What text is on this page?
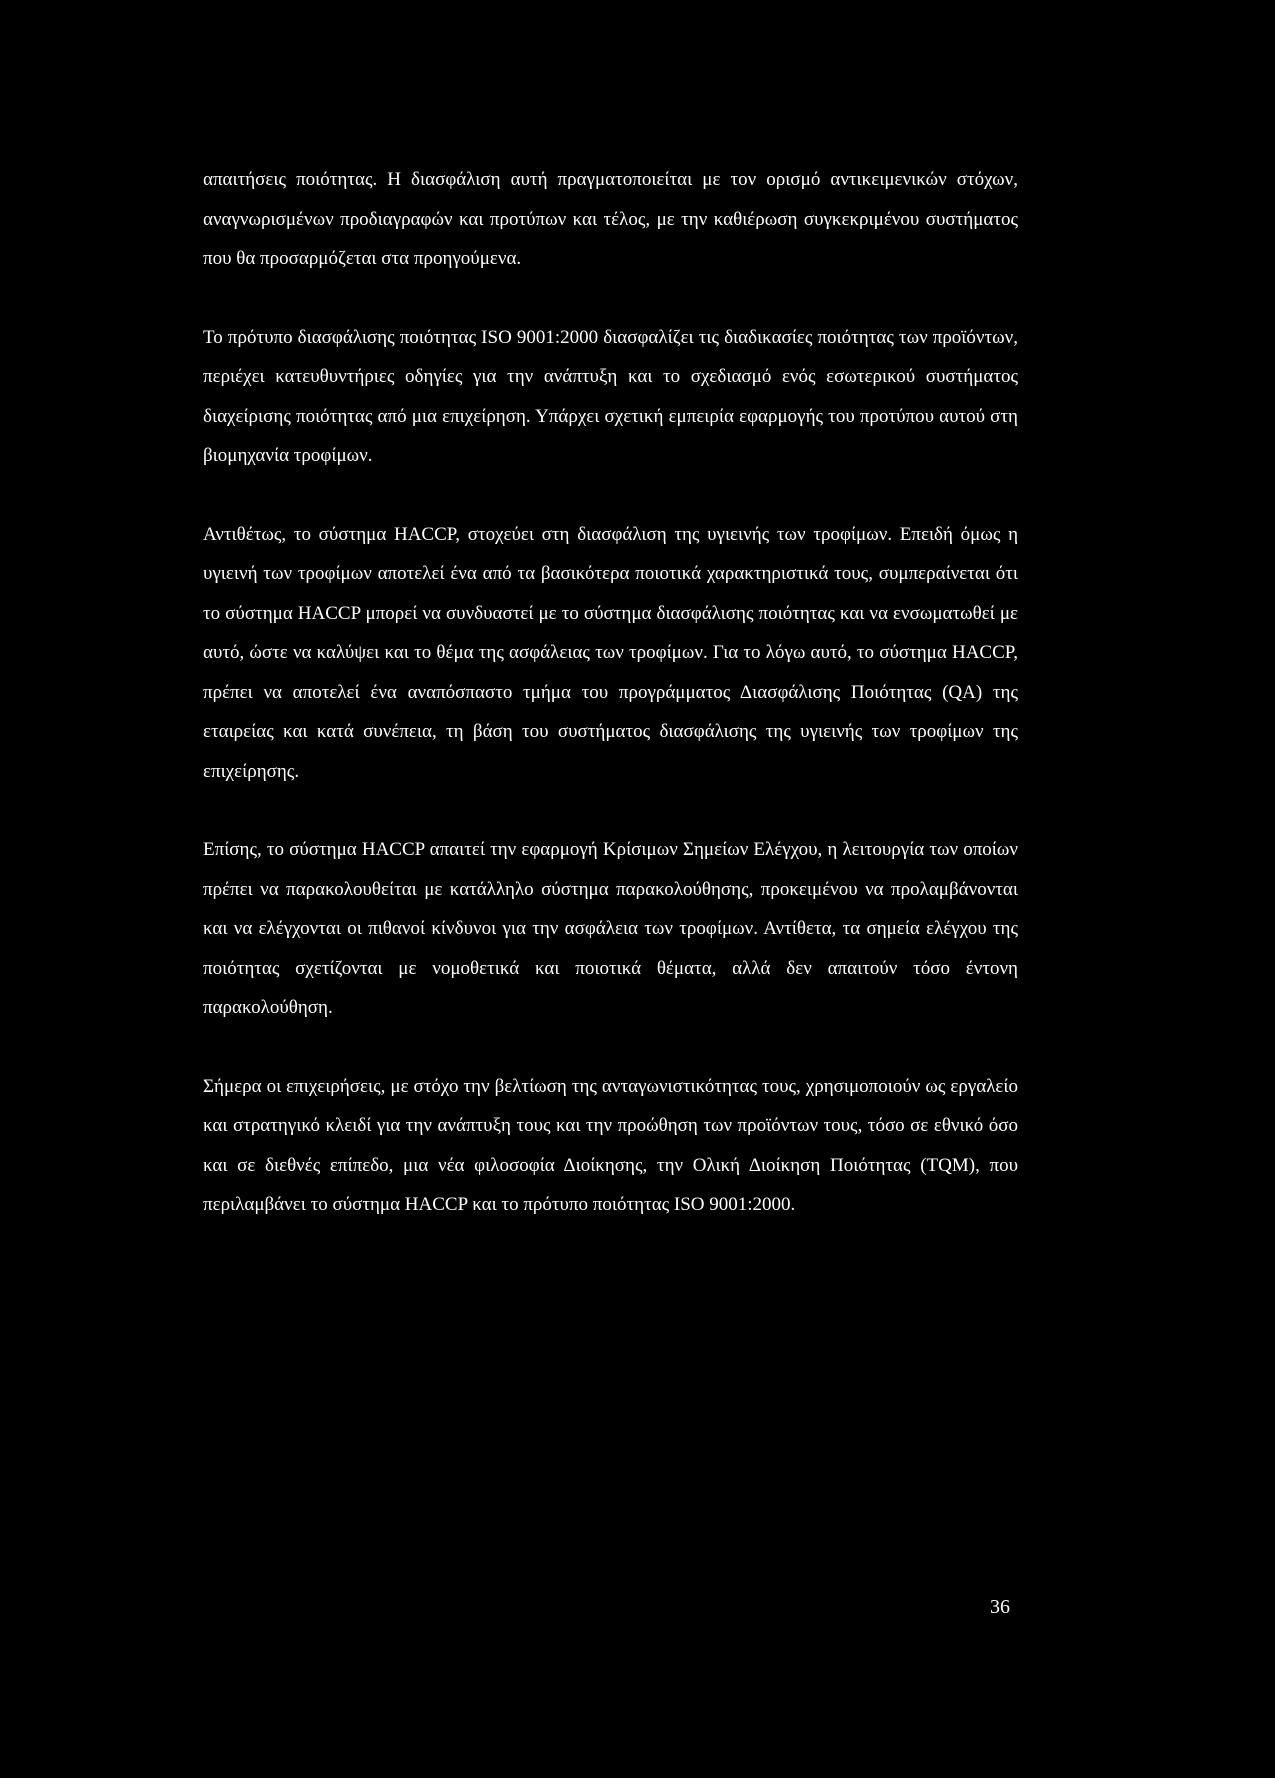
απαιτήσεις ποιότητας. Η διασφάλιση αυτή πραγματοποιείται με τον ορισμό αντικειμενικών στόχων, αναγνωρισμένων προδιαγραφών και προτύπων και τέλος, με την καθιέρωση συγκεκριμένου συστήματος που θα προσαρμόζεται στα προηγούμενα.

Το πρότυπο διασφάλισης ποιότητας ISO 9001:2000 διασφαλίζει τις διαδικασίες ποιότητας των προϊόντων, περιέχει κατευθυντήριες οδηγίες για την ανάπτυξη και το σχεδιασμό ενός εσωτερικού συστήματος διαχείρισης ποιότητας από μια επιχείρηση. Υπάρχει σχετική εμπειρία εφαρμογής του προτύπου αυτού στη βιομηχανία τροφίμων.

Αντιθέτως, το σύστημα HACCP, στοχεύει στη διασφάλιση της υγιεινής των τροφίμων. Επειδή όμως η υγιεινή των τροφίμων αποτελεί ένα από τα βασικότερα ποιοτικά χαρακτηριστικά τους, συμπεραίνεται ότι το σύστημα HACCP μπορεί να συνδυαστεί με το σύστημα διασφάλισης ποιότητας και να ενσωματωθεί με αυτό, ώστε να καλύψει και το θέμα της ασφάλειας των τροφίμων. Για το λόγω αυτό, το σύστημα HACCP, πρέπει να αποτελεί ένα αναπόσπαστο τμήμα του προγράμματος Διασφάλισης Ποιότητας (QA) της εταιρείας και κατά συνέπεια, τη βάση του συστήματος διασφάλισης της υγιεινής των τροφίμων της επιχείρησης.

Επίσης, το σύστημα HACCP απαιτεί την εφαρμογή Κρίσιμων Σημείων Ελέγχου, η λειτουργία των οποίων πρέπει να παρακολουθείται με κατάλληλο σύστημα παρακολούθησης, προκειμένου να προλαμβάνονται και να ελέγχονται οι πιθανοί κίνδυνοι για την ασφάλεια των τροφίμων. Αντίθετα, τα σημεία ελέγχου της ποιότητας σχετίζονται με νομοθετικά και ποιοτικά θέματα, αλλά δεν απαιτούν τόσο έντονη παρακολούθηση.

Σήμερα οι επιχειρήσεις, με στόχο την βελτίωση της ανταγωνιστικότητας τους, χρησιμοποιούν ως εργαλείο και στρατηγικό κλειδί για την ανάπτυξη τους και την προώθηση των προϊόντων τους, τόσο σε εθνικό όσο και σε διεθνές επίπεδο, μια νέα φιλοσοφία Διοίκησης, την Ολική Διοίκηση Ποιότητας (TQM), που περιλαμβάνει το σύστημα HACCP και το πρότυπο ποιότητας ISO 9001:2000.

36
